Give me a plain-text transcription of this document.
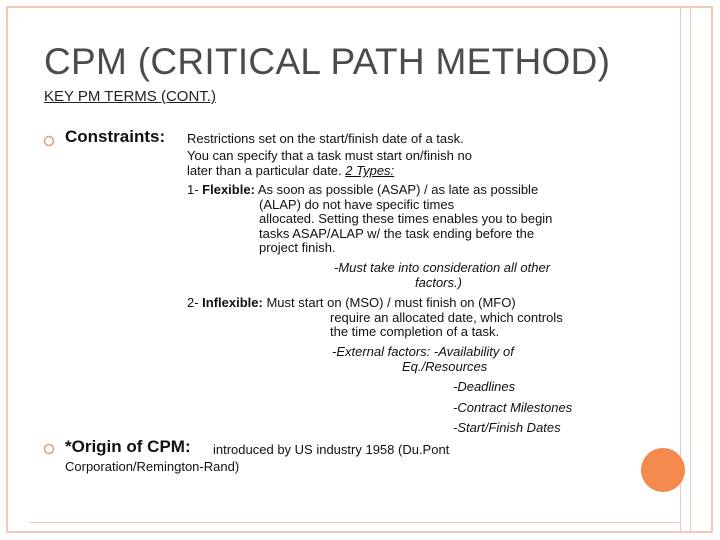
CPM (CRITICAL PATH METHOD)
KEY PM TERMS (CONT.)
Constraints: Restrictions set on the start/finish date of a task.
You can specify that a task must start on/finish no
later than a particular date. 2 Types:
1- Flexible: As soon as possible (ASAP) / as late as possible
(ALAP) do not have specific times
allocated. Setting these times enables you to begin
tasks ASAP/ALAP w/ the task ending before the
project finish.
-Must take into consideration all other
factors.)
2- Inflexible: Must start on (MSO) / must finish on (MFO)
require an allocated date, which controls
the time completion of a task.
-External factors: -Availability of
Eq./Resources
-Deadlines
-Contract Milestones
-Start/Finish Dates
*Origin of CPM: introduced by US industry 1958 (Du.Pont
Corporation/Remington-Rand)
